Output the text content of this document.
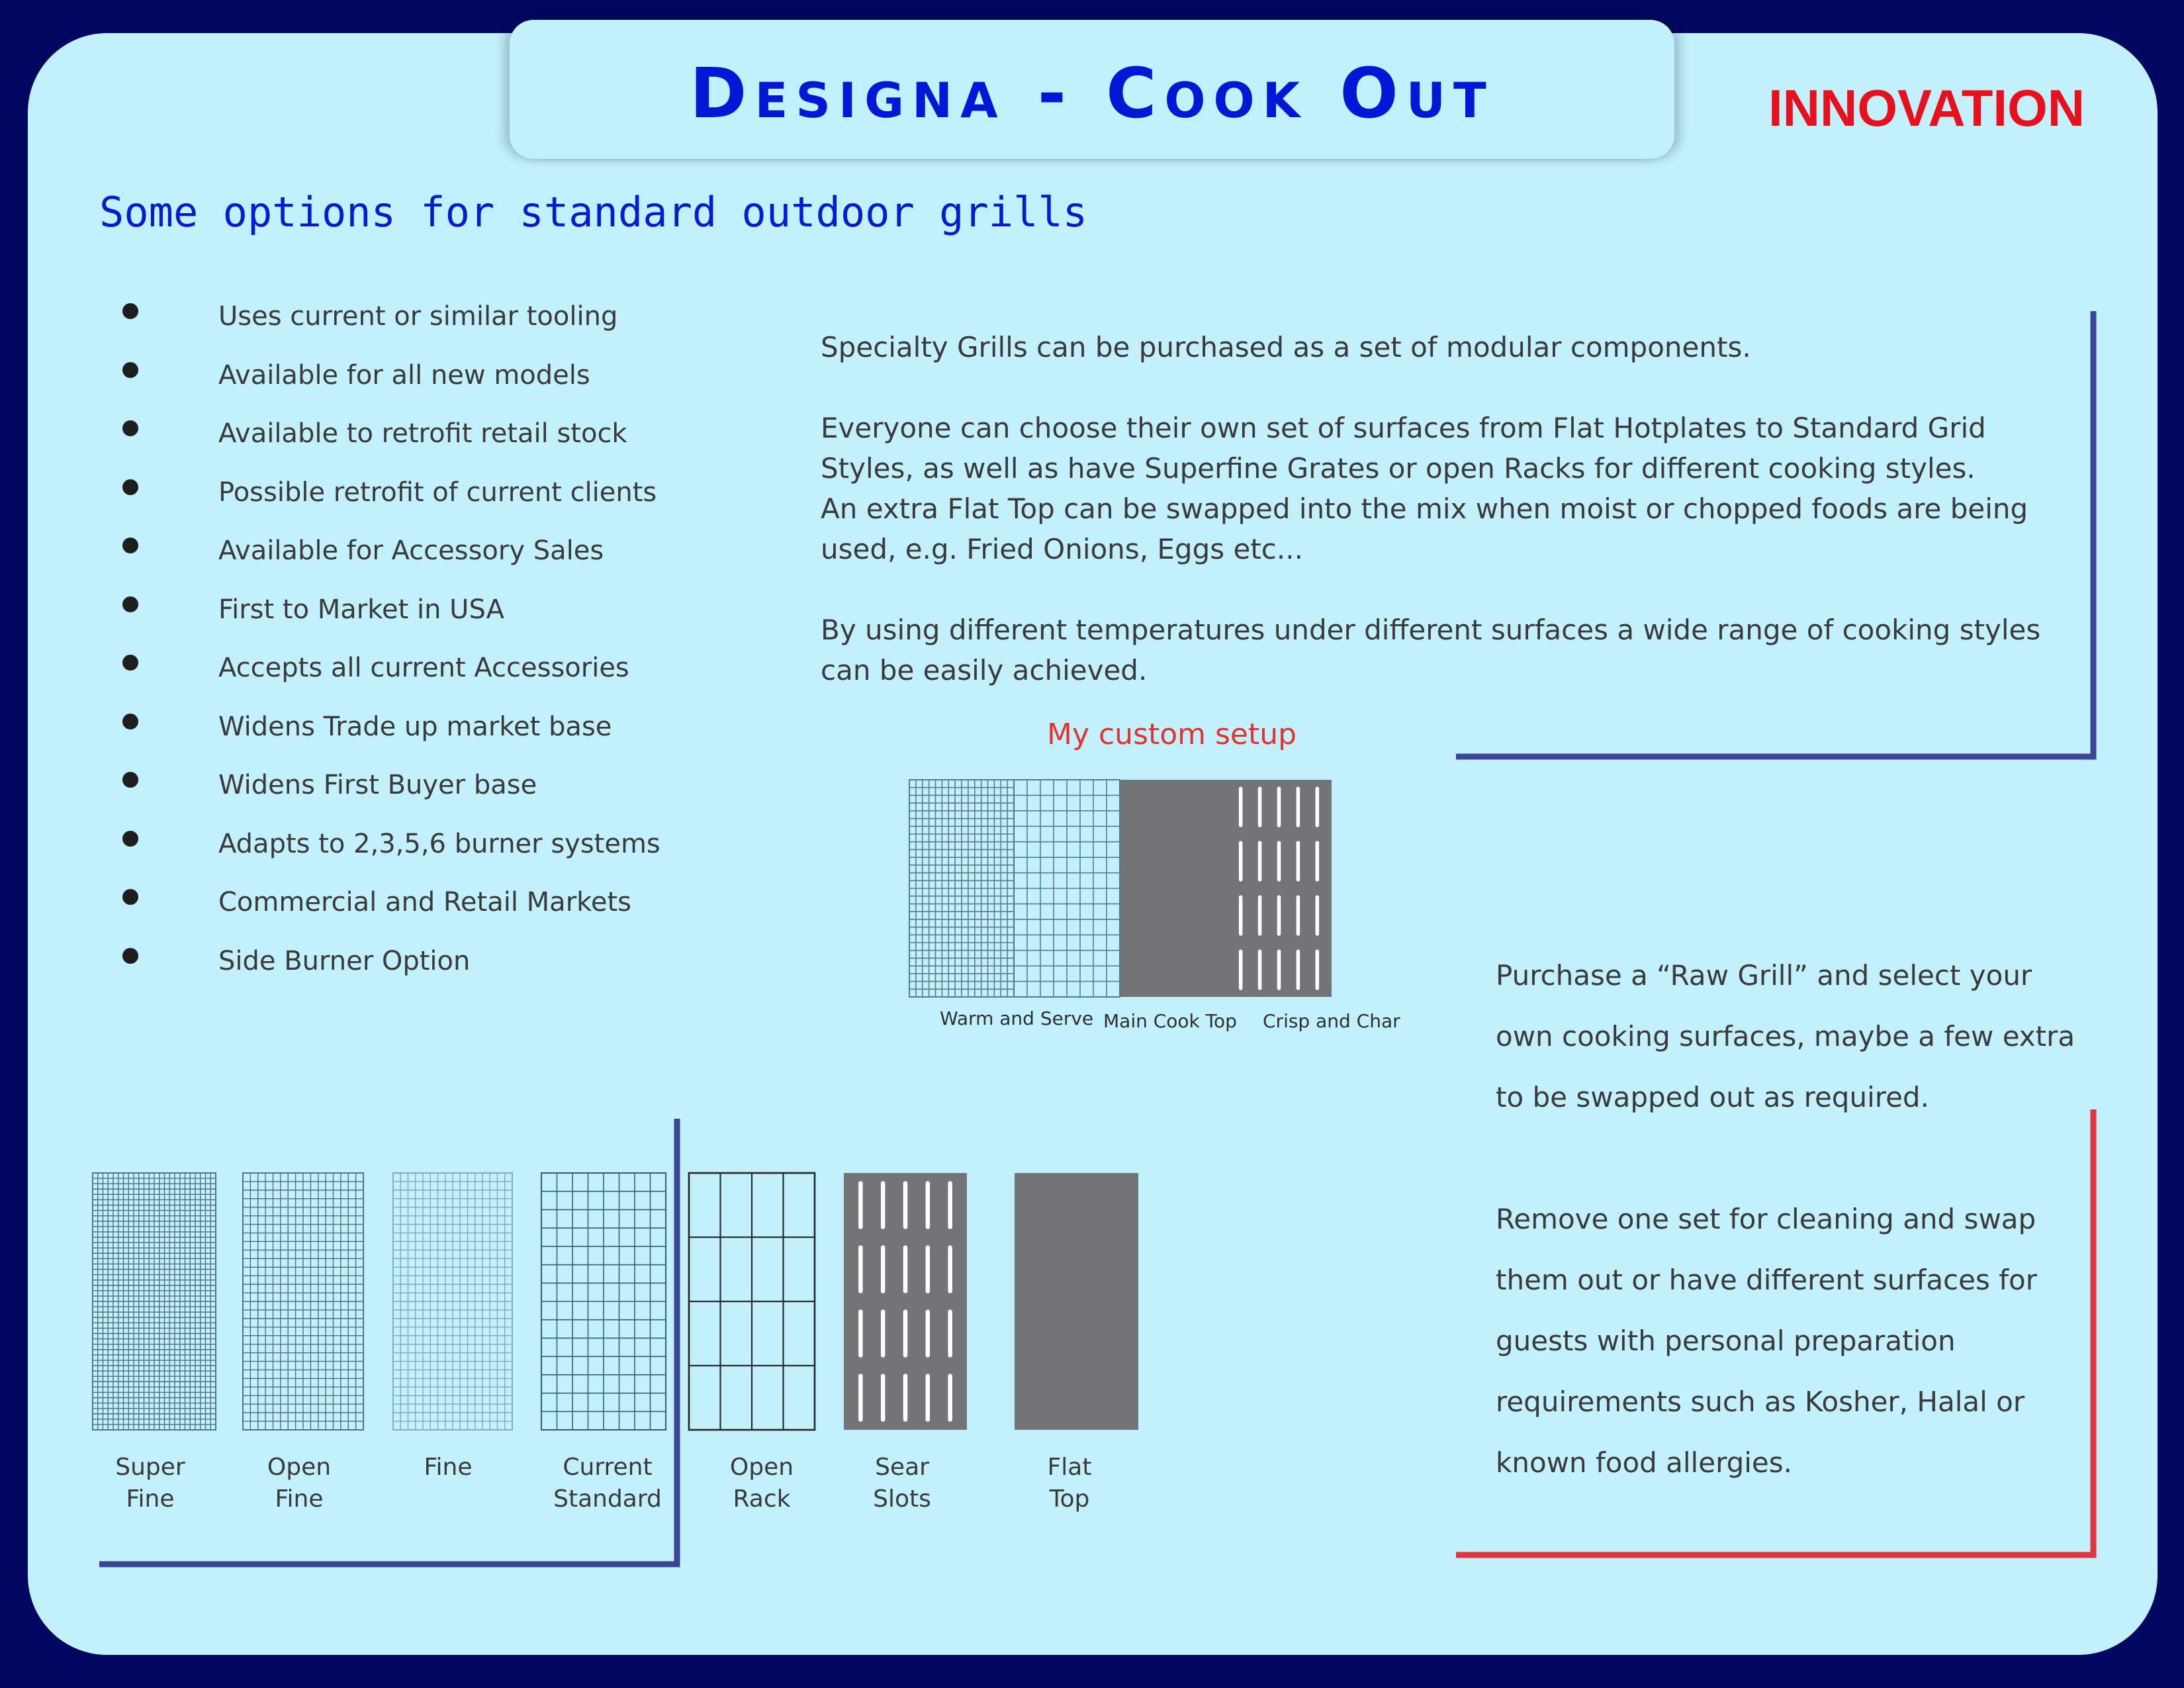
Designa - Cook Out	INNOVATION
Some options for standard outdoor grills
Uses current or similar tooling
Available for all new models
Available to retrofit retail stock
Possible retrofit of current clients
Available for Accessory Sales
First to Market in USA
Accepts all current Accessories
Widens Trade up market base
Widens First Buyer base
Adapts to 2,3,5,6 burner systems
Commercial and Retail Markets
Side Burner Option

Specialty Grills can be purchased as a set of modular components.

Everyone can choose their own set of surfaces from Flat Hotplates to Standard Grid
Styles, as well as have Superfine Grates or open Racks for different cooking styles.
An extra Flat Top can be swapped into the mix when moist or chopped foods are being
used, e.g. Fried Onions, Eggs etc...

By using different temperatures under different surfaces a wide range of cooking styles
can be easily achieved.

My custom setup
Warm and Serve Main Cook Top Crisp and Char

Purchase a “Raw Grill” and select your
own cooking surfaces, maybe a few extra
to be swapped out as required.

Remove one set for cleaning and swap
them out or have different surfaces for
guests with personal preparation
requirements such as Kosher, Halal or
known food allergies.

Super
Fine
Open
Fine
Fine	Current
Standard
Open
Rack
Sear
Slots
Flat
Top
